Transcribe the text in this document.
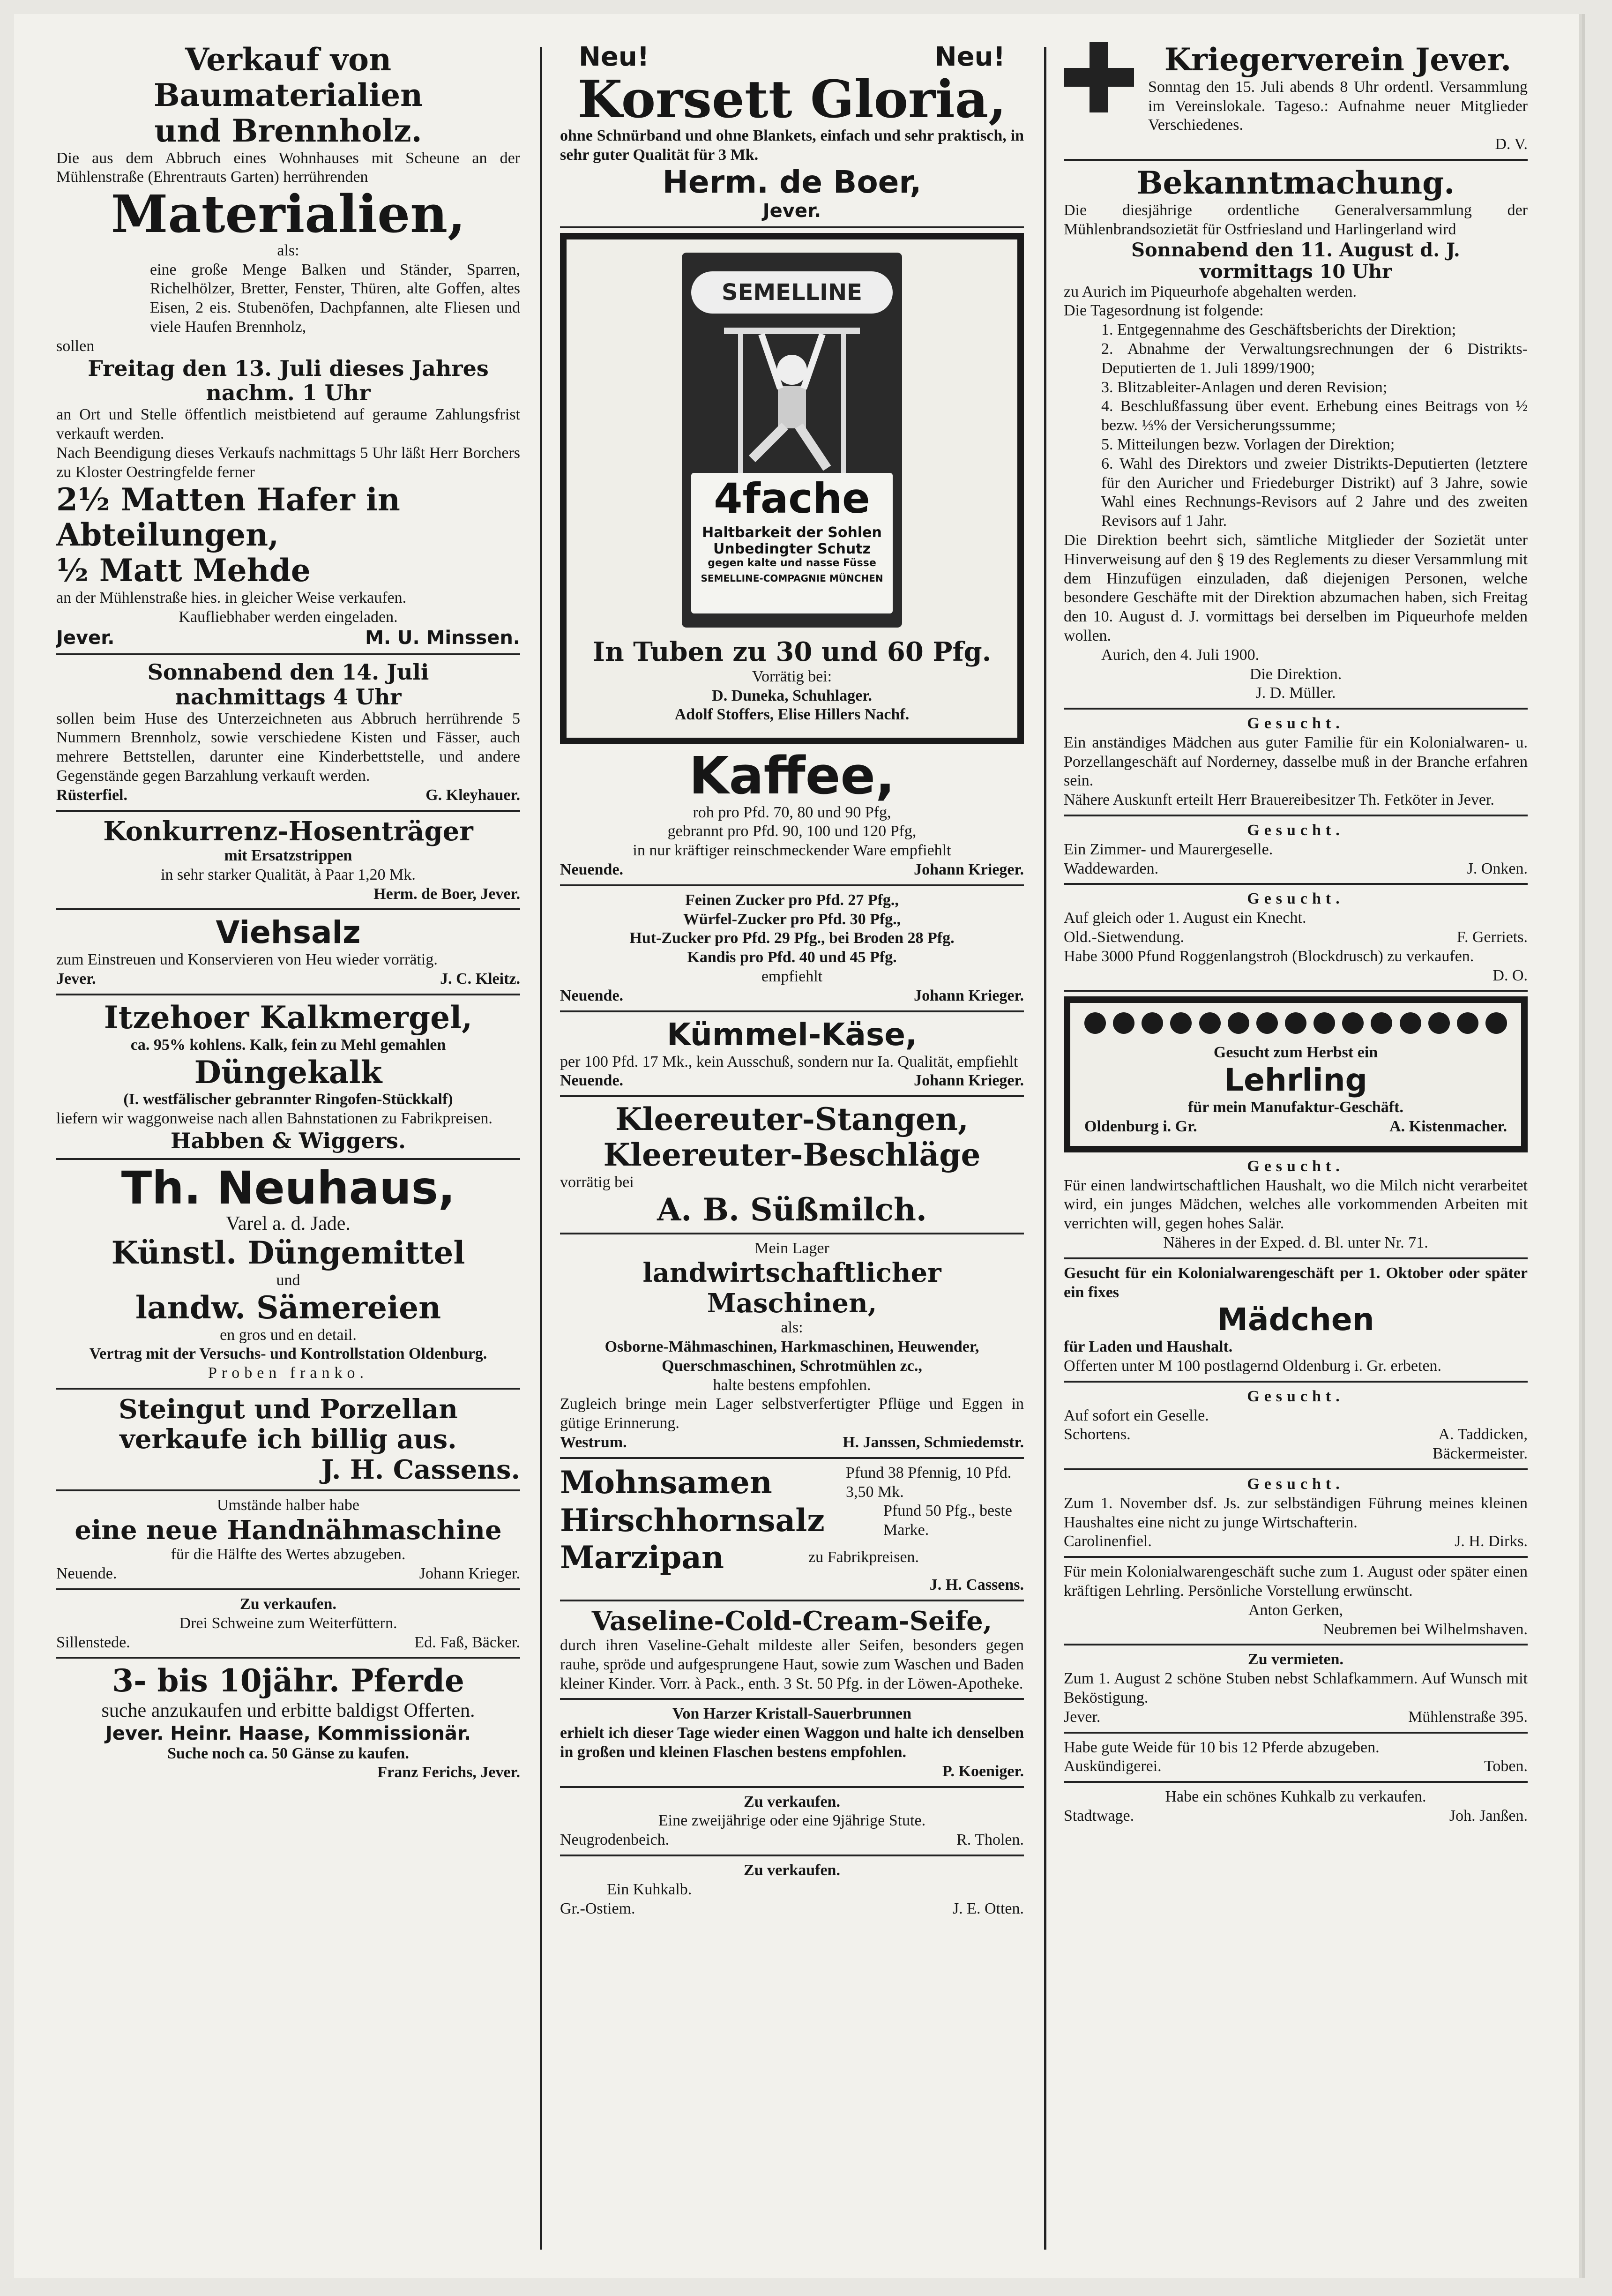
Verkauf von Baumaterialien
und Brennholz.
Die aus dem Abbruch eines Wohnhauses mit Scheune an der Mühlenstraße (Ehrentrauts Garten) herrührenden
Materialien,
als:
eine große Menge Balken und Ständer, Sparren, Richelhölzer, Bretter, Fenster, Thüren, alte Goffen, altes Eisen, 2 eis. Stubenöfen, Dachpfannen, alte Fliesen und viele Haufen Brennholz,
sollen
Freitag den 13. Juli dieses Jahres
nachm. 1 Uhr
an Ort und Stelle öffentlich meistbietend auf geraume Zahlungsfrist verkauft werden.
Nach Beendigung dieses Verkaufs nachmittags 5 Uhr läßt Herr Borchers zu Kloster Oestringfelde ferner
2½ Matten Hafer in Abteilungen,
½ Matt Mehde
an der Mühlenstraße hies. in gleicher Weise verkaufen.
Kaufliebhaber werden eingeladen.
Jever.	M. U. Minssen.
Sonnabend den 14. Juli
nachmittags 4 Uhr
sollen beim Huse des Unterzeichneten aus Abbruch herrührende 5 Nummern Brennholz, sowie verschiedene Kisten und Fässer, auch mehrere Bettstellen, darunter eine Kinderbettstelle, und andere Gegenstände gegen Barzahlung verkauft werden.
Rüsterfiel.	G. Kleyhauer.
Konkurrenz-Hosenträger
mit Ersatzstrippen
in sehr starker Qualität, à Paar 1,20 Mk.
Herm. de Boer, Jever.
Viehsalz
zum Einstreuen und Konservieren von Heu wieder vorrätig.
Jever.	J. C. Kleitz.
Itzehoer Kalkmergel,
ca. 95% kohlens. Kalk, fein zu Mehl gemahlen
Düngekalk
(I. westfälischer gebrannter Ringofen-Stückkalf)
liefern wir waggonweise nach allen Bahnstationen zu Fabrikpreisen.
Habben & Wiggers.
Th. Neuhaus,
Varel a. d. Jade.
Künstl. Düngemittel
und
landw. Sämereien
en gros und en detail.
Vertrag mit der Versuchs- und Kontrollstation Oldenburg.
Proben franko.
Steingut und Porzellan
verkaufe ich billig aus.
J. H. Cassens.
Umstände halber habe
eine neue Handnähmaschine
für die Hälfte des Wertes abzugeben.
Neuende.	Johann Krieger.
Zu verkaufen.
Drei Schweine zum Weiterfüttern.
Sillenstede.	Ed. Faß, Bäcker.
3- bis 10jähr. Pferde
suche anzukaufen und erbitte baldigst Offerten.
Jever. Heinr. Haase, Kommissionär.
Suche noch ca. 50 Gänse zu kaufen.
Franz Ferichs, Jever.
Neu!	Neu!
Korsett Gloria,
ohne Schnürband und ohne Blankets, einfach und sehr praktisch, in sehr guter Qualität für 3 Mk.
Herm. de Boer,
Jever.
SEMELLINE
4fache
Haltbarkeit der Sohlen
Unbedingter Schutz
gegen kalte und nasse Füsse
SEMELLINE-COMPAGNIE MÜNCHEN
In Tuben zu 30 und 60 Pfg.
Vorrätig bei:
D. Duneka, Schuhlager.
Adolf Stoffers, Elise Hillers Nachf.
Kaffee,
roh pro Pfd. 70, 80 und 90 Pfg,
gebrannt pro Pfd. 90, 100 und 120 Pfg,
in nur kräftiger reinschmeckender Ware empfiehlt
Neuende.	Johann Krieger.
Feinen Zucker pro Pfd. 27 Pfg.,
Würfel-Zucker pro Pfd. 30 Pfg.,
Hut-Zucker pro Pfd. 29 Pfg., bei Broden 28 Pfg.
Kandis pro Pfd. 40 und 45 Pfg.
empfiehlt
Neuende.	Johann Krieger.
Kümmel-Käse,
per 100 Pfd. 17 Mk., kein Ausschuß, sondern nur Ia. Qualität, empfiehlt
Neuende.	Johann Krieger.
Kleereuter-Stangen,
Kleereuter-Beschläge
vorrätig bei
A. B. Süßmilch.
Mein Lager
landwirtschaftlicher Maschinen,
als:
Osborne-Mähmaschinen, Harkmaschinen, Heuwender, Querschmaschinen, Schrotmühlen zc.,
halte bestens empfohlen.
Zugleich bringe mein Lager selbstverfertigter Pflüge und Eggen in gütige Erinnerung.
Westrum.	H. Janssen, Schmiedemstr.
Mohnsamen	Pfund 38 Pfennig, 10 Pfd. 3,50 Mk.
Hirschhornsalz	Pfund 50 Pfg., beste Marke.
Marzipan	zu Fabrikpreisen.
J. H. Cassens.
Vaseline-Cold-Cream-Seife,
durch ihren Vaseline-Gehalt mildeste aller Seifen, besonders gegen rauhe, spröde und aufgesprungene Haut, sowie zum Waschen und Baden kleiner Kinder. Vorr. à Pack., enth. 3 St. 50 Pfg. in der Löwen-Apotheke.
Von Harzer Kristall-Sauerbrunnen
erhielt ich dieser Tage wieder einen Waggon und halte ich denselben in großen und kleinen Flaschen bestens empfohlen.
P. Koeniger.
Zu verkaufen.
Eine zweijährige oder eine 9jährige Stute.
Neugrodenbeich.	R. Tholen.
Zu verkaufen.
Ein Kuhkalb.
Gr.-Ostiem.	J. E. Otten.
Kriegerverein Jever.
Sonntag den 15. Juli abends 8 Uhr ordentl. Versammlung im Vereinslokale. Tageso.: Aufnahme neuer Mitglieder Verschiedenes.
D. V.
Bekanntmachung.
Die diesjährige ordentliche Generalversammlung der Mühlenbrandsozietät für Ostfriesland und Harlingerland wird
Sonnabend den 11. August d. J.
vormittags 10 Uhr
zu Aurich im Piqueurhofe abgehalten werden.
Die Tagesordnung ist folgende:
1. Entgegennahme des Geschäftsberichts der Direktion;
2. Abnahme der Verwaltungsrechnungen der 6 Distrikts-Deputierten de 1. Juli 1899/1900;
3. Blitzableiter-Anlagen und deren Revision;
4. Beschlußfassung über event. Erhebung eines Beitrags von ½ bezw. ⅓% der Versicherungssumme;
5. Mitteilungen bezw. Vorlagen der Direktion;
6. Wahl des Direktors und zweier Distrikts-Deputierten (letztere für den Auricher und Friedeburger Distrikt) auf 3 Jahre, sowie Wahl eines Rechnungs-Revisors auf 2 Jahre und des zweiten Revisors auf 1 Jahr.
Die Direktion beehrt sich, sämtliche Mitglieder der Sozietät unter Hinverweisung auf den § 19 des Reglements zu dieser Versammlung mit dem Hinzufügen einzuladen, daß diejenigen Personen, welche besondere Geschäfte mit der Direktion abzumachen haben, sich Freitag den 10. August d. J. vormittags bei derselben im Piqueurhofe melden wollen.
Aurich, den 4. Juli 1900.
Die Direktion.
J. D. Müller.
Gesucht.
Ein anständiges Mädchen aus guter Familie für ein Kolonialwaren- u. Porzellangeschäft auf Norderney, dasselbe muß in der Branche erfahren sein.
Nähere Auskunft erteilt Herr Brauereibesitzer Th. Fetköter in Jever.
Gesucht.
Ein Zimmer- und Maurergeselle.
Waddewarden.	J. Onken.
Gesucht.
Auf gleich oder 1. August ein Knecht.
Old.-Sietwendung.	F. Gerriets.
Habe 3000 Pfund Roggenlangstroh (Blockdrusch) zu verkaufen.
D. O.
Gesucht zum Herbst ein
Lehrling
für mein Manufaktur-Geschäft.
Oldenburg i. Gr.	A. Kistenmacher.
Gesucht.
Für einen landwirtschaftlichen Haushalt, wo die Milch nicht verarbeitet wird, ein junges Mädchen, welches alle vorkommenden Arbeiten mit verrichten will, gegen hohes Salär.
Näheres in der Exped. d. Bl. unter Nr. 71.
Gesucht für ein Kolonialwarengeschäft per 1. Oktober oder später ein fixes
Mädchen
für Laden und Haushalt.
Offerten unter M 100 postlagernd Oldenburg i. Gr. erbeten.
Gesucht.
Auf sofort ein Geselle.
Schortens.	A. Taddicken,
Bäckermeister.
Gesucht.
Zum 1. November dsf. Js. zur selbständigen Führung meines kleinen Haushaltes eine nicht zu junge Wirtschafterin.
Carolinenfiel.	J. H. Dirks.
Für mein Kolonialwarengeschäft suche zum 1. August oder später einen kräftigen Lehrling. Persönliche Vorstellung erwünscht.
Anton Gerken,
Neubremen bei Wilhelmshaven.
Zu vermieten.
Zum 1. August 2 schöne Stuben nebst Schlafkammern. Auf Wunsch mit Beköstigung.
Jever.	Mühlenstraße 395.
Habe gute Weide für 10 bis 12 Pferde abzugeben.
Auskündigerei.	Toben.
Habe ein schönes Kuhkalb zu verkaufen.
Stadtwage.	Joh. Janßen.
